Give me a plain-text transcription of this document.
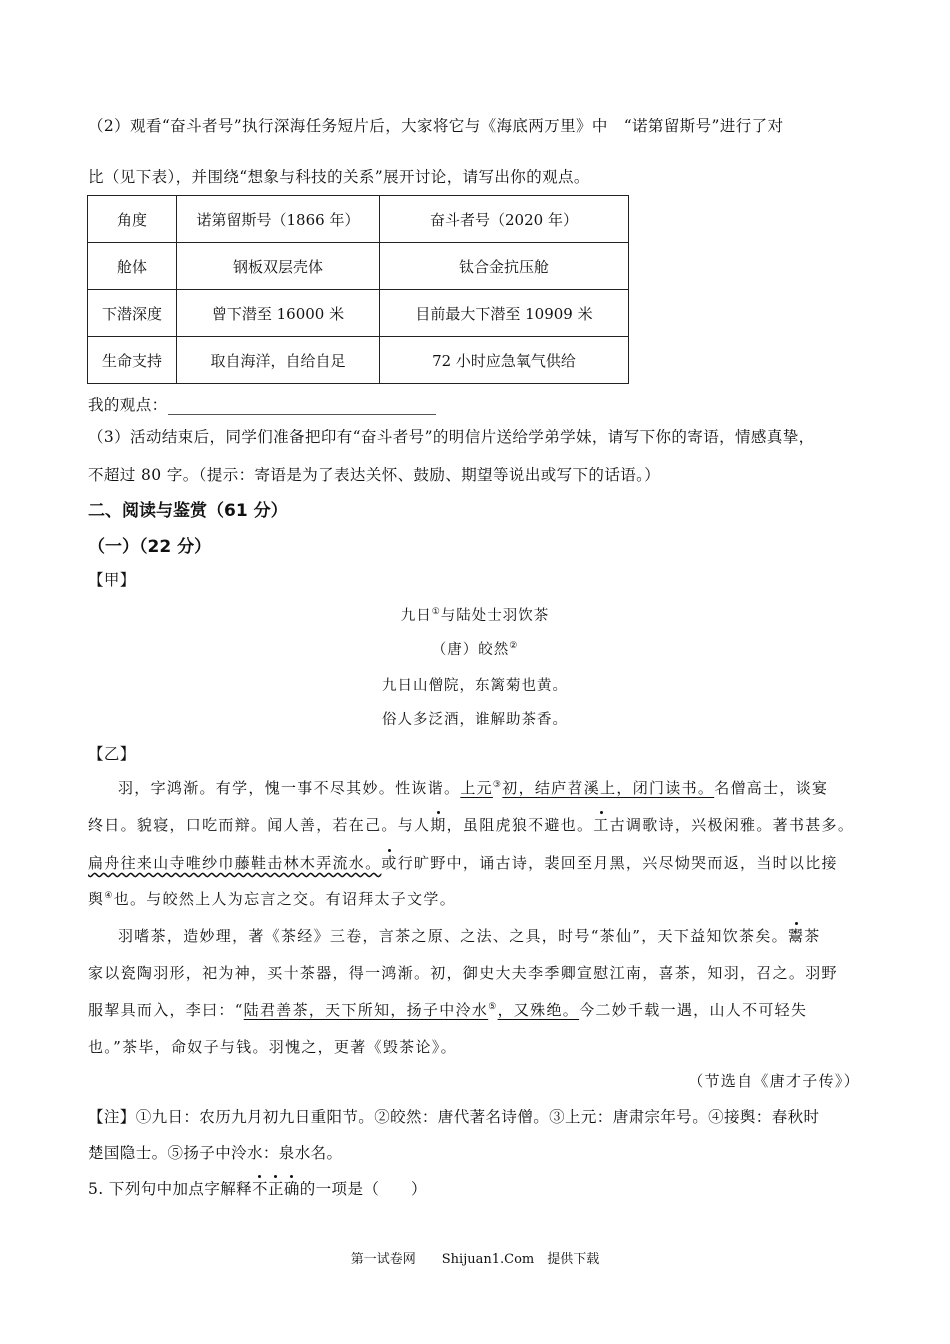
（2）观看“奋斗者号”执行深海任务短片后，大家将它与《海底两万里》中　“诺第留斯号”进行了对
比（见下表），并围绕“想象与科技的关系”展开讨论，请写出你的观点。
角度	诺第留斯号（1866 年）	奋斗者号（2020 年）
舱体	钢板双层壳体	钛合金抗压舱
下潜深度	曾下潜至 16000 米	目前最大下潜至 10909 米
生命支持	取自海洋，自给自足	72 小时应急氧气供给
我的观点：
（3）活动结束后，同学们准备把印有“奋斗者号”的明信片送给学弟学妹，请写下你的寄语，情感真挚，
不超过 80 字。（提示：寄语是为了表达关怀、鼓励、期望等说出或写下的话语。）
二、阅读与鉴赏（61 分）
（一）（22 分）
【甲】
九日①与陆处士羽饮茶
（唐）皎然②
九日山僧院，东篱菊也黄。
俗人多泛酒，谁解助茶香。
【乙】
羽，字鸿渐。有学，愧一事不尽其妙。性诙谐。上元③初，结庐苕溪上，闭门读书。名僧高士，谈宴
终日。貌寝，口吃而辩。闻人善，若在己。与人期，虽阻虎狼不避也。工古调歌诗，兴极闲雅。著书甚多。
扁舟往来山寺唯纱巾藤鞋击林木弄流水。或行旷野中，诵古诗，裴回至月黑，兴尽恸哭而返，当时以比接
舆④也。与皎然上人为忘言之交。有诏拜太子文学。
羽嗜茶，造妙理，著《茶经》三卷，言茶之原、之法、之具，时号“茶仙”，天下益知饮茶矣。鬻茶
家以瓷陶羽形，祀为神，买十茶器，得一鸿渐。初，御史大夫李季卿宣慰江南，喜茶，知羽，召之。羽野
服挈具而入，李曰：“陆君善茶，天下所知，扬子中泠水⑤，又殊绝。今二妙千载一遇，山人不可轻失
也。”茶毕，命奴子与钱。羽愧之，更著《毁茶论》。
（节选自《唐才子传》）
【注】①九日：农历九月初九日重阳节。②皎然：唐代著名诗僧。③上元：唐肃宗年号。④接舆：春秋时
楚国隐士。⑤扬子中泠水：泉水名。
5. 下列句中加点字解释不正确的一项是（　　）
第一试卷网　　Shijuan1.Com　提供下载
